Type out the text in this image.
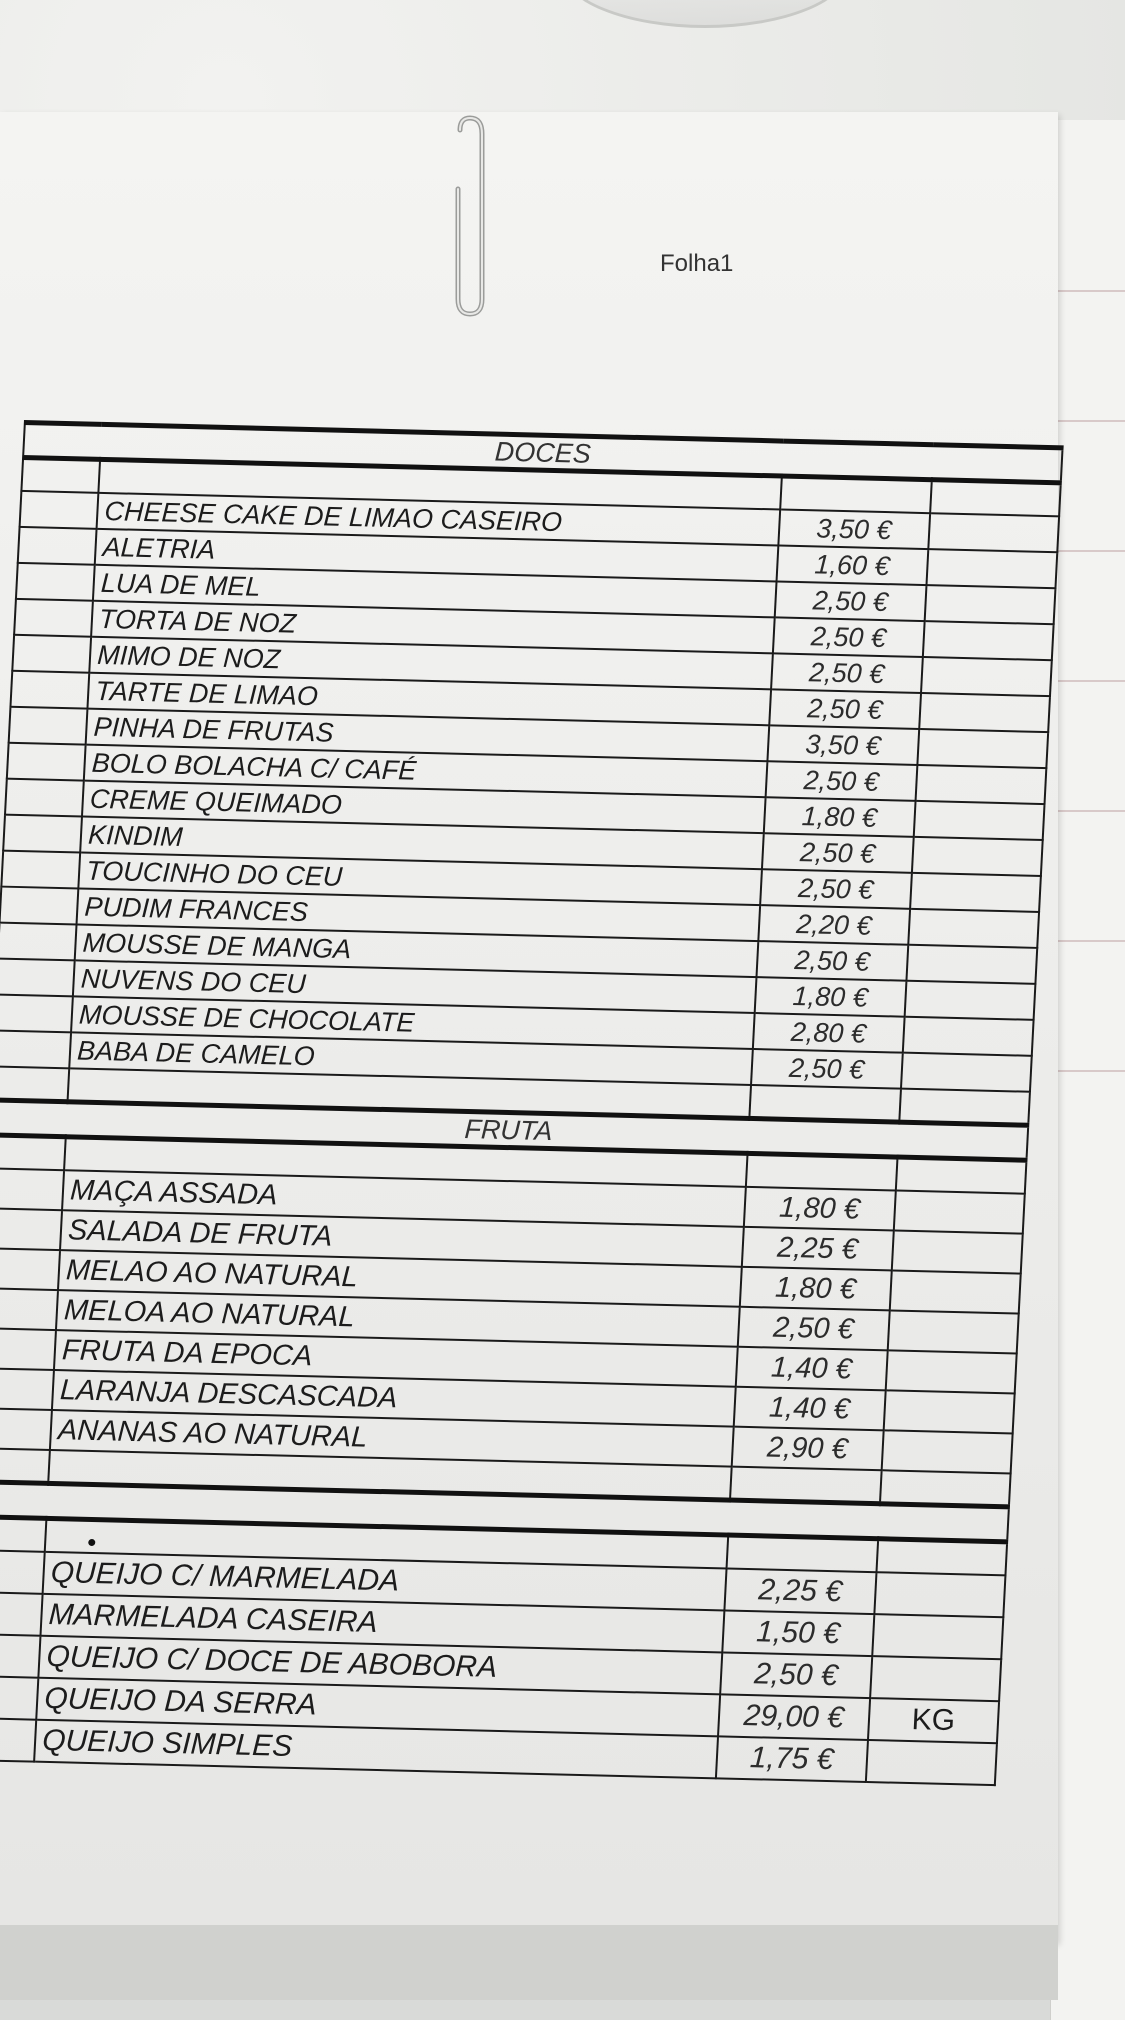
Folha1
DOCES			

	CHEESE CAKE DE LIMAO CASEIRO	3,50 €	
	ALETRIA	1,60 €	
	LUA DE MEL	2,50 €	
	TORTA DE NOZ	2,50 €	
	MIMO DE NOZ	2,50 €	
	TARTE DE LIMAO	2,50 €	
	PINHA DE FRUTAS	3,50 €	
	BOLO BOLACHA C/ CAFÉ	2,50 €	
	CREME QUEIMADO	1,80 €	
	KINDIM	2,50 €	
	TOUCINHO DO CEU	2,50 €	
	PUDIM FRANCES	2,20 €	
	MOUSSE DE MANGA	2,50 €	
	NUVENS DO CEU	1,80 €	
	MOUSSE DE CHOCOLATE	2,80 €	
	BABA DE CAMELO	2,50 €	

FRUTA			

	MAÇA ASSADA	1,80 €	
	SALADA DE FRUTA	2,25 €	
	MELAO AO NATURAL	1,80 €	
	MELOA AO NATURAL	2,50 €	
	FRUTA DA EPOCA	1,40 €	
	LARANJA DESCASCADA	1,40 €	
	ANANAS AO NATURAL	2,90 €	

	QUEIJO C/ MARMELADA	2,25 €	
	MARMELADA CASEIRA	1,50 €	
	QUEIJO C/ DOCE DE ABOBORA	2,50 €	
	QUEIJO DA SERRA	29,00 €	KG
	QUEIJO SIMPLES	1,75 €	
